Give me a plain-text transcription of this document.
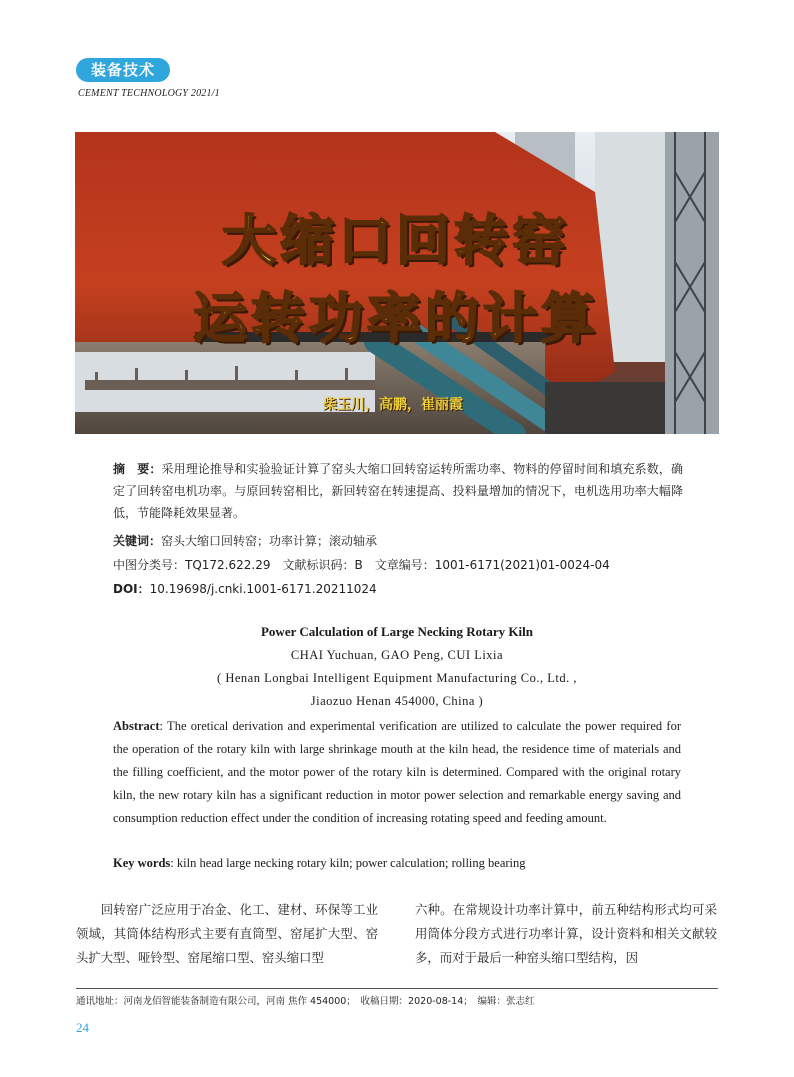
装备技术
CEMENT TECHNOLOGY 2021/1
大缩口回转窑
运转功率的计算
柴玉川，高鹏，崔丽霞
摘　要：采用理论推导和实验验证计算了窑头大缩口回转窑运转所需功率、物料的停留时间和填充系数，确定了回转窑电机功率。与原回转窑相比，新回转窑在转速提高、投料量增加的情况下，电机选用功率大幅降低，节能降耗效果显著。
关键词：窑头大缩口回转窑；功率计算；滚动轴承
中图分类号：TQ172.622.29　文献标识码：B　文章编号：1001-6171(2021)01-0024-04
DOI：10.19698/j.cnki.1001-6171.20211024
Power Calculation of Large Necking Rotary Kiln
CHAI Yuchuan, GAO Peng, CUI Lixia
( Henan Longbai Intelligent Equipment Manufacturing Co., Ltd. ,
Jiaozuo Henan 454000, China )
Abstract: The oretical derivation and experimental verification are utilized to calculate the power required for the operation of the rotary kiln with large shrinkage mouth at the kiln head, the residence time of materials and the filling coefficient, and the motor power of the rotary kiln is determined. Compared with the original rotary kiln, the new rotary kiln has a significant reduction in motor power selection and remarkable energy saving and consumption reduction effect under the condition of increasing rotating speed and feeding amount.
Key words: kiln head large necking rotary kiln; power calculation; rolling bearing
回转窑广泛应用于冶金、化工、建材、环保等工业领域，其筒体结构形式主要有直筒型、窑尾扩大型、窑头扩大型、哑铃型、窑尾缩口型、窑头缩口型
六种。在常规设计功率计算中，前五种结构形式均可采用筒体分段方式进行功率计算，设计资料和相关文献较多，而对于最后一种窑头缩口型结构，因
通讯地址：河南龙佰智能装备制造有限公司，河南 焦作 454000；　收稿日期：2020-08-14；　编辑：张志红
24
